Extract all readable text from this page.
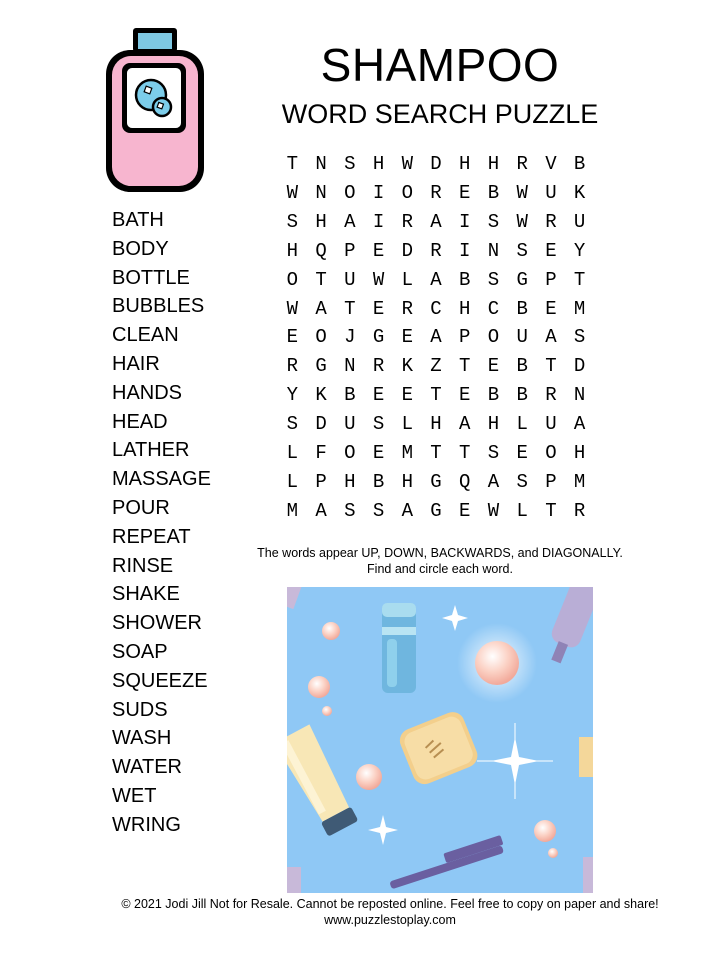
SHAMPOO
WORD SEARCH PUZZLE
BATH
BODY
BOTTLE
BUBBLES
CLEAN
HAIR
HANDS
HEAD
LATHER
MASSAGE
POUR
REPEAT
RINSE
SHAKE
SHOWER
SOAP
SQUEEZE
SUDS
WASH
WATER
WET
WRING
T N S H W D H H R V B
W N O I O R E B W U K
S H A I R A I S W R U
H Q P E D R I N S E Y
O T U W L A B S G P T
W A T E R C H C B E M
E O J G E A P O U A S
R G N R K Z T E B T D
Y K B E E T E B B R N
S D U S L H A H L U A
L F O E M T T S E O H
L P H B H G Q A S P M
M A S S A G E W L T R
The words appear UP, DOWN, BACKWARDS, and DIAGONALLY.
Find and circle each word.
© 2021 Jodi Jill Not for Resale. Cannot be reposted online. Feel free to copy on paper and share!
www.puzzlestoplay.com
